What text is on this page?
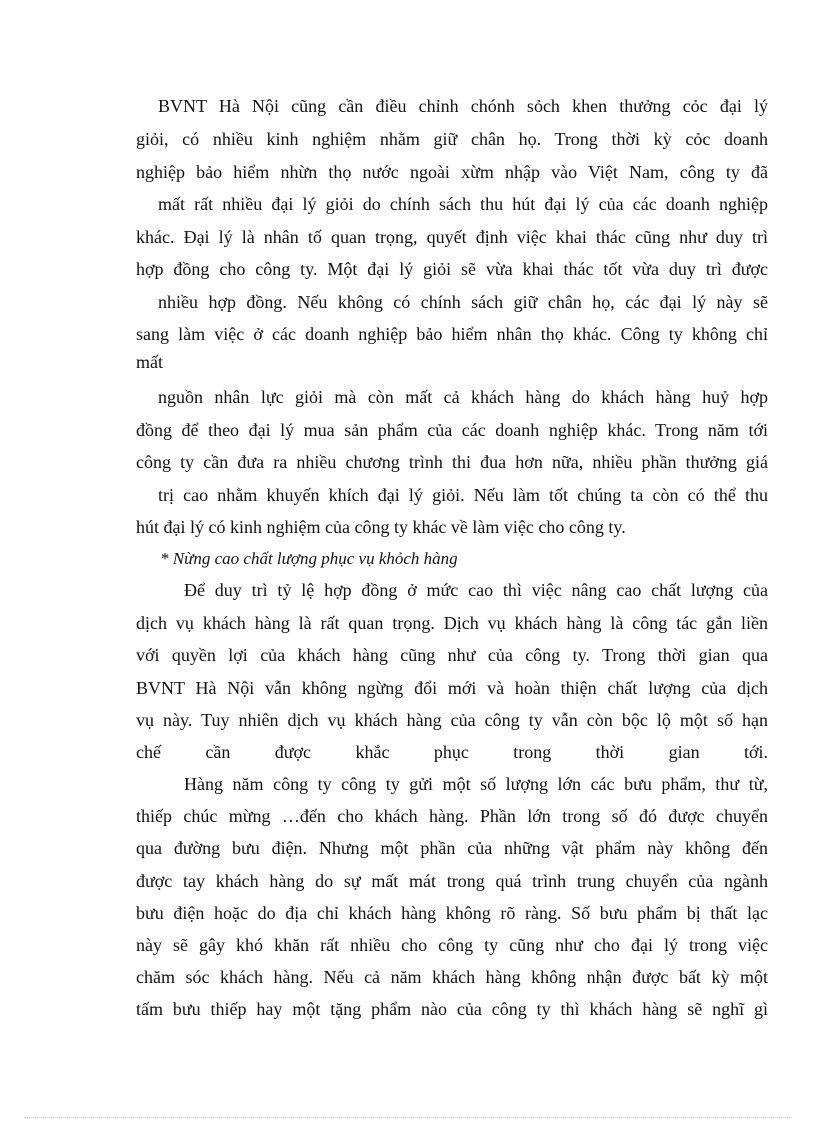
BVNT Hà Nội cũng cần điều chỉnh chónh sỏch khen thưởng cỏc đại lý
giỏi, có nhiều kinh nghiệm nhằm giữ chân họ. Trong thời kỳ cỏc doanh
nghiệp bảo hiểm nhừn thọ nước ngoài xừm nhập vào Việt Nam, công ty đã
mất rất nhiều đại lý giỏi do chính sách thu hút đại lý của các doanh nghiệp
khác. Đại lý là nhân tố quan trọng, quyết định việc khai thác cũng như duy trì
hợp đồng cho công ty. Một đại lý giỏi sẽ vừa khai thác tốt vừa duy trì được
nhiều hợp đồng. Nếu không có chính sách giữ chân họ, các đại lý này sẽ
sang làm việc ở các doanh nghiệp bảo hiểm nhân thọ khác. Công ty không chỉ
mất
nguồn nhân lực giỏi mà còn mất cả khách hàng do khách hàng huỷ hợp
đồng để theo đại lý mua sản phẩm của các doanh nghiệp khác. Trong năm tới
công ty cần đưa ra nhiều chương trình thi đua hơn nữa, nhiều phần thưởng giá
trị cao nhằm khuyến khích đại lý giỏi. Nếu làm tốt chúng ta còn có thể thu
hút đại lý có kinh nghiệm của công ty khác về làm việc cho công ty.
* Nừng cao chất lượng phục vụ khỏch hàng
Để duy trì tỷ lệ hợp đồng ở mức cao thì việc nâng cao chất lượng của
dịch vụ khách hàng là rất quan trọng. Dịch vụ khách hàng là công tác gắn liền
với quyền lợi của khách hàng cũng như của công ty. Trong thời gian qua
BVNT Hà Nội vẫn không ngừng đổi mới và hoàn thiện chất lượng của dịch
vụ này. Tuy nhiên dịch vụ khách hàng của công ty vẫn còn bộc lộ một số hạn
chế cần được khắc phục trong thời gian tới.
Hàng năm công ty công ty gửi một số lượng lớn các bưu phẩm, thư từ,
thiếp chúc mừng …đến cho khách hàng. Phần lớn trong số đó được chuyển
qua đường bưu điện. Nhưng một phần của những vật phẩm này không đến
được tay khách hàng do sự mất mát trong quá trình trung chuyển của ngành
bưu điện hoặc do địa chỉ khách hàng không rõ ràng. Số bưu phẩm bị thất lạc
này sẽ gây khó khăn rất nhiều cho công ty cũng như cho đại lý trong việc
chăm sóc khách hàng. Nếu cả năm khách hàng không nhận được bất kỳ một
tấm bưu thiếp hay một tặng phẩm nào của công ty thì khách hàng sẽ nghĩ gì
